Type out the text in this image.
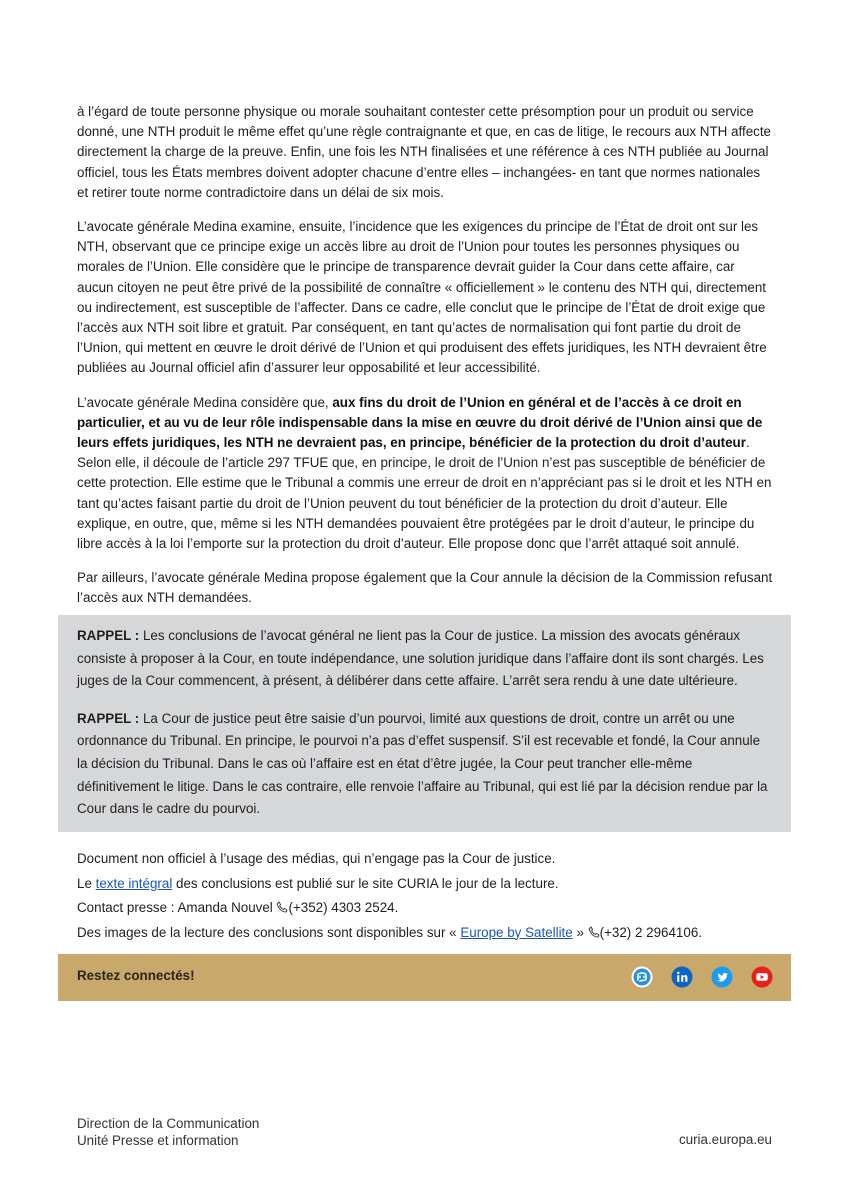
à l’égard de toute personne physique ou morale souhaitant contester cette présomption pour un produit ou service donné, une NTH produit le même effet qu’une règle contraignante et que, en cas de litige, le recours aux NTH affecte directement la charge de la preuve. Enfin, une fois les NTH finalisées et une référence à ces NTH publiée au Journal officiel, tous les États membres doivent adopter chacune d’entre elles – inchangées- en tant que normes nationales et retirer toute norme contradictoire dans un délai de six mois.

L’avocate générale Medina examine, ensuite, l’incidence que les exigences du principe de l’État de droit ont sur les NTH, observant que ce principe exige un accès libre au droit de l’Union pour toutes les personnes physiques ou morales de l’Union. Elle considère que le principe de transparence devrait guider la Cour dans cette affaire, car aucun citoyen ne peut être privé de la possibilité de connaître « officiellement » le contenu des NTH qui, directement ou indirectement, est susceptible de l’affecter. Dans ce cadre, elle conclut que le principe de l’État de droit exige que l’accès aux NTH soit libre et gratuit. Par conséquent, en tant qu’actes de normalisation qui font partie du droit de l’Union, qui mettent en œuvre le droit dérivé de l’Union et qui produisent des effets juridiques, les NTH devraient être publiées au Journal officiel afin d’assurer leur opposabilité et leur accessibilité.

L’avocate générale Medina considère que, aux fins du droit de l’Union en général et de l’accès à ce droit en particulier, et au vu de leur rôle indispensable dans la mise en œuvre du droit dérivé de l’Union ainsi que de leurs effets juridiques, les NTH ne devraient pas, en principe, bénéficier de la protection du droit d’auteur. Selon elle, il découle de l’article 297 TFUE que, en principe, le droit de l’Union n’est pas susceptible de bénéficier de cette protection. Elle estime que le Tribunal a commis une erreur de droit en n’appréciant pas si le droit et les NTH en tant qu’actes faisant partie du droit de l’Union peuvent du tout bénéficier de la protection du droit d’auteur. Elle explique, en outre, que, même si les NTH demandées pouvaient être protégées par le droit d’auteur, le principe du libre accès à la loi l’emporte sur la protection du droit d’auteur. Elle propose donc que l’arrêt attaqué soit annulé.

Par ailleurs, l’avocate générale Medina propose également que la Cour annule la décision de la Commission refusant l’accès aux NTH demandées.

RAPPEL : Les conclusions de l’avocat général ne lient pas la Cour de justice. La mission des avocats généraux consiste à proposer à la Cour, en toute indépendance, une solution juridique dans l’affaire dont ils sont chargés. Les juges de la Cour commencent, à présent, à délibérer dans cette affaire. L’arrêt sera rendu à une date ultérieure.

RAPPEL : La Cour de justice peut être saisie d’un pourvoi, limité aux questions de droit, contre un arrêt ou une ordonnance du Tribunal. En principe, le pourvoi n’a pas d’effet suspensif. S’il est recevable et fondé, la Cour annule la décision du Tribunal. Dans le cas où l’affaire est en état d’être jugée, la Cour peut trancher elle-même définitivement le litige. Dans le cas contraire, elle renvoie l’affaire au Tribunal, qui est lié par la décision rendue par la Cour dans le cadre du pourvoi.

Document non officiel à l’usage des médias, qui n’engage pas la Cour de justice.

Le texte intégral des conclusions est publié sur le site CURIA le jour de la lecture.

Contact presse : Amanda Nouvel (+352) 4303 2524.

Des images de la lecture des conclusions sont disponibles sur « Europe by Satellite » (+32) 2 2964106.

Restez connectés!
Direction de la Communication
Unité Presse et information	curia.europa.eu
